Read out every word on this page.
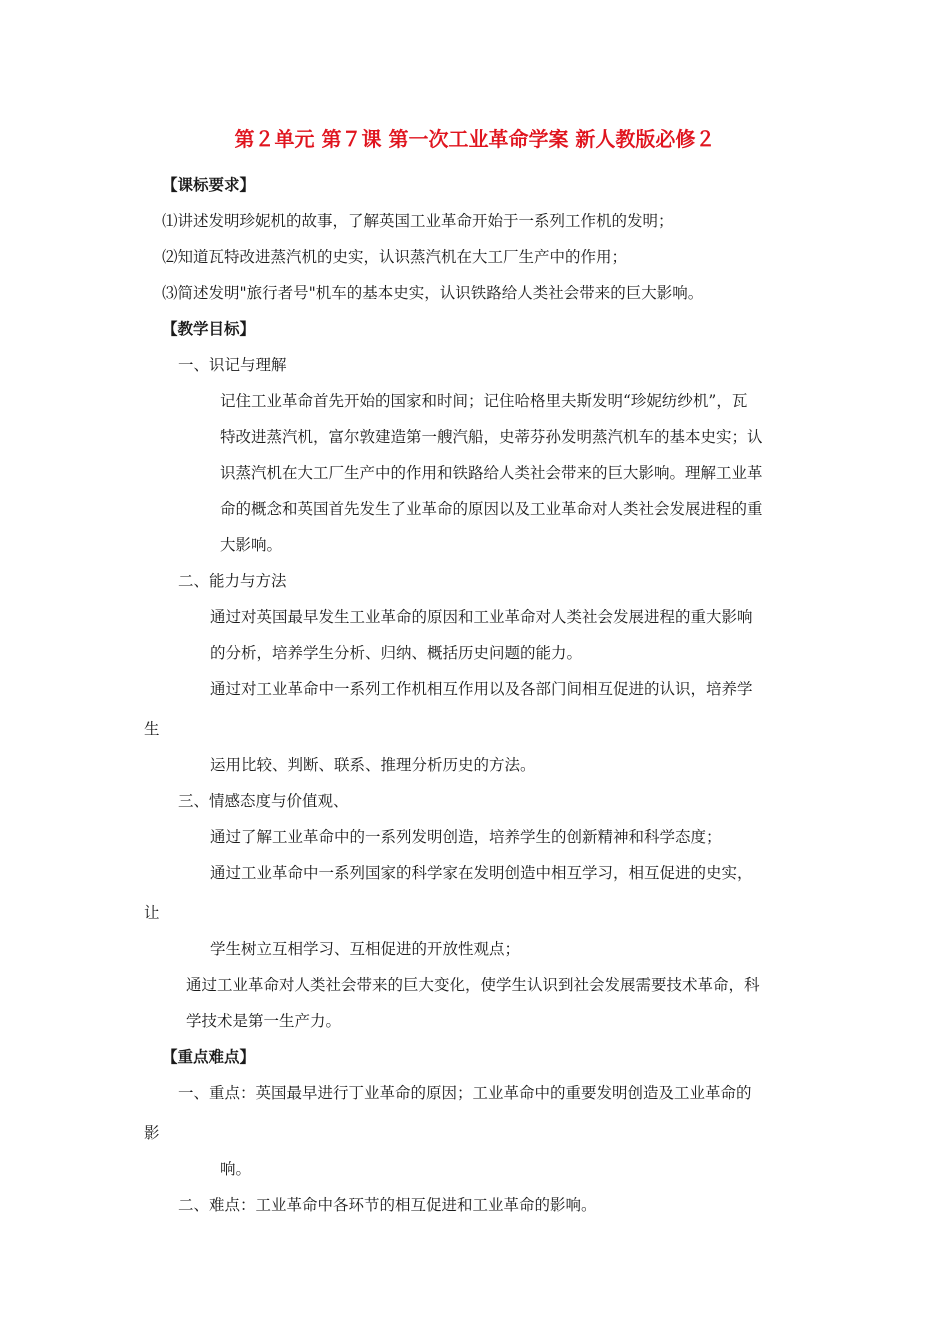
第２单元 第７课 第一次工业革命学案 新人教版必修２
【课标要求】
⑴讲述发明珍妮机的故事，了解英国工业革命开始于一系列工作机的发明；
⑵知道瓦特改进蒸汽机的史实，认识蒸汽机在大工厂生产中的作用；
⑶简述发明"旅行者号"机车的基本史实，认识铁路给人类社会带来的巨大影响。
【教学目标】
一、识记与理解
记住工业革命首先开始的国家和时间；记住哈格里夫斯发明“珍妮纺纱机”，瓦
特改进蒸汽机，富尔敦建造第一艘汽船，史蒂芬孙发明蒸汽机车的基本史实；认
识蒸汽机在大工厂生产中的作用和铁路给人类社会带来的巨大影响。理解工业革
命的概念和英国首先发生了业革命的原因以及工业革命对人类社会发展进程的重
大影响。
二、能力与方法
通过对英国最早发生工业革命的原因和工业革命对人类社会发展进程的重大影响
的分析，培养学生分析、归纳、概括历史问题的能力。
通过对工业革命中一系列工作机相互作用以及各部门间相互促进的认识，培养学
生
运用比较、判断、联系、推理分析历史的方法。
三、情感态度与价值观、
通过了解工业革命中的一系列发明创造，培养学生的创新精神和科学态度；
通过工业革命中一系列国家的科学家在发明创造中相互学习，相互促进的史实，
让
学生树立互相学习、互相促进的开放性观点；
通过工业革命对人类社会带来的巨大变化，使学生认识到社会发展需要技术革命，科
学技术是第一生产力。
【重点难点】
一、重点：英国最早进行丁业革命的原因；工业革命中的重要发明创造及工业革命的
影
响。
二、难点：工业革命中各环节的相互促进和工业革命的影响。
